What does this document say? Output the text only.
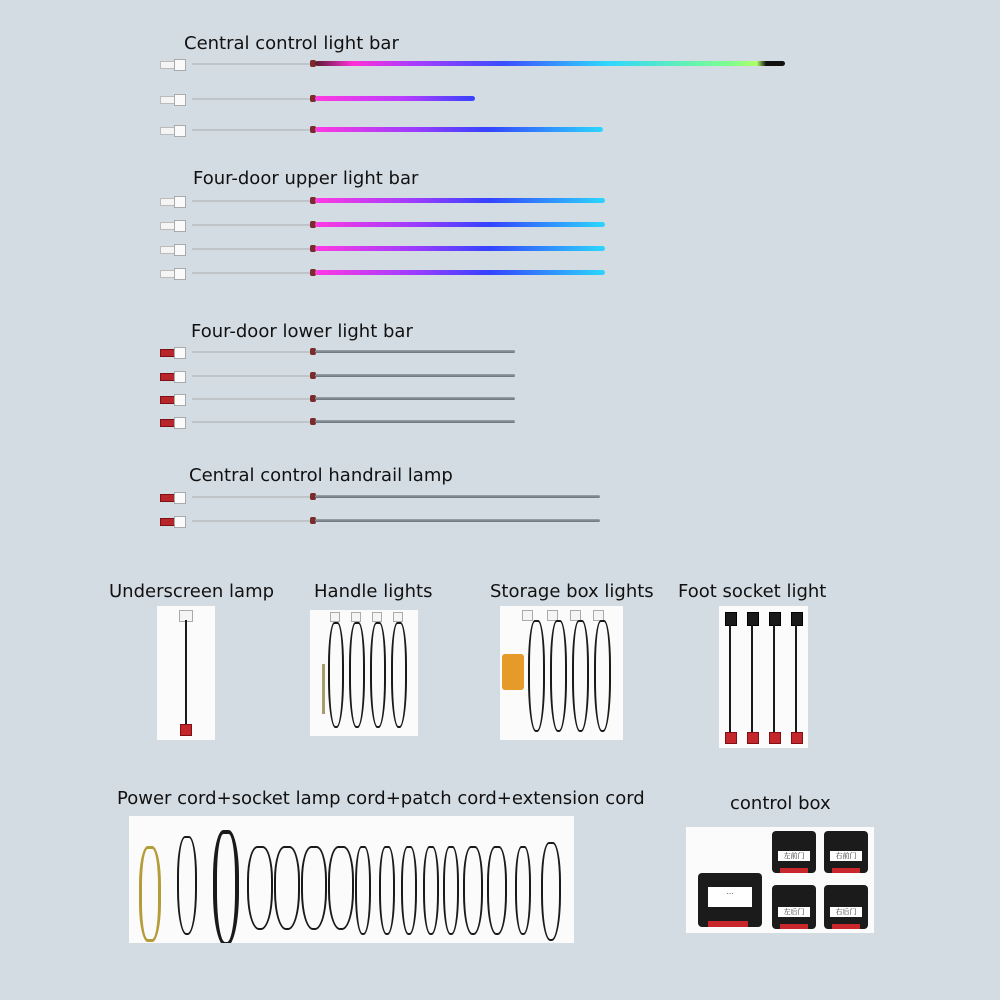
Central control light bar
Four-door upper light bar
Four-door lower light bar
Central control handrail lamp
Underscreen lamp Handle lights	Storage box lights Foot socket light
Power cord+socket lamp cord+patch cord+extension cord	control box
...
左前门	右前门
左后门	右后门
